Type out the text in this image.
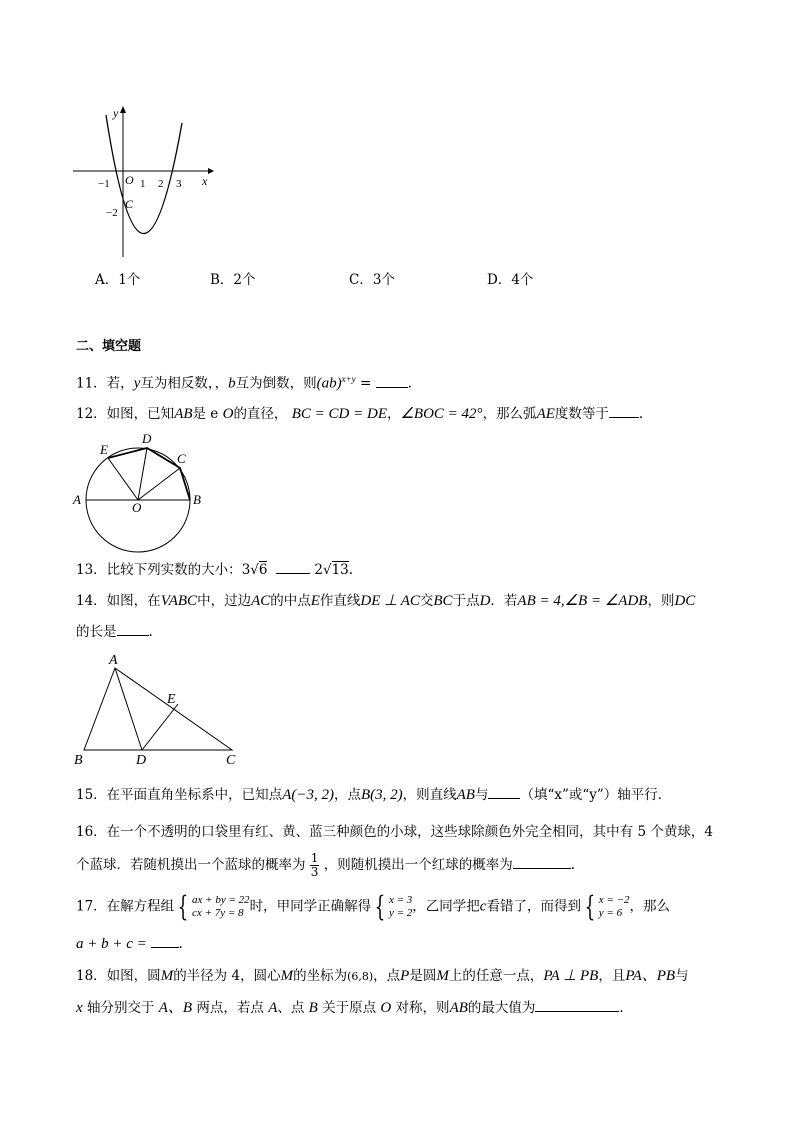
x
y
O
−1	1 2 3
−2
C
A．1个	B．2个	C．3个	D．4个
二、填空题
11．若，y互为相反数，，b互为倒数，则(ab)$^{x+y}$ = .
12．如图，已知AB是 e O的直径， BC = CD = DE，∠BOC = 42°，那么弧AE度数等于 .
A	B
C
D
E
O
13．比较下列实数的大小：3√6	2√13.
14．如图，在VABC中，过边AC的中点E作直线DE ⊥ AC交BC于点D．若AB = 4,∠B = ∠ADB，则DC
的长是 .
A
B	C
D
E
15．在平面直角坐标系中，已知点A(−3, 2)，点B(3, 2)，则直线AB与 （填“x”或“y”）轴平行．
16．在一个不透明的口袋里有红、黄、蓝三种颜色的小球，这些球除颜色外完全相同，其中有 5 个黄球，4
个蓝球．若随机摸出一个蓝球的概率为 $\frac{1}{3}$ ，则随机摸出一个红球的概率为	.
17．在解方程组 { ax + by = 22
cx + 7y = 8 时，甲同学正确解得 { x = 3
y = 2 ，乙同学把c看错了，而得到 { x = −2
y = 6 ，那么
a + b + c = .
18．如图，圆M的半径为 4，圆心M的坐标为(6,8)，点P是圆M上的任意一点，PA ⊥ PB，且PA、PB与
x 轴分别交于 A、B 两点，若点 A、点 B 关于原点 O 对称，则AB的最大值为	.
